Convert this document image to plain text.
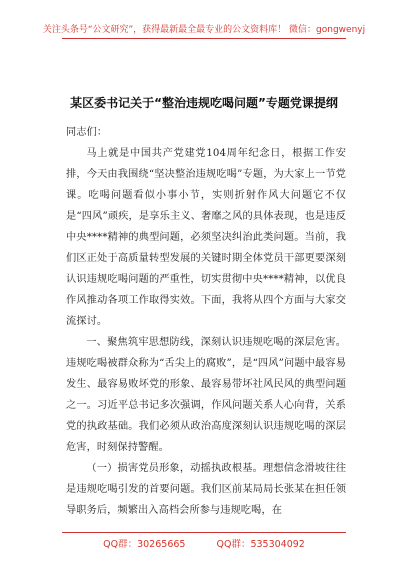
关注头条号“公文研究”，获得最新最全最专业的公文资料库！ 微信：gongwenyj
某区委书记关于“整治违规吃喝问题”专题党课提纲

同志们：

马上就是中国共产党建党104周年纪念日，根据工作安排，今天由我围绕“坚决整治违规吃喝”专题，为大家上一节党课。吃喝问题看似小事小节，实则折射作风大问题它不仅是“四风”顽疾，是享乐主义、奢靡之风的具体表现，也是违反中央****精神的典型问题，必须坚决纠治此类问题。当前，我们区正处于高质量转型发展的关键时期全体党员干部更要深刻认识违规吃喝问题的严重性，切实贯彻中央****精神，以优良作风推动各项工作取得实效。下面，我将从四个方面与大家交流探讨。

一、聚焦筑牢思想防线，深刻认识违规吃喝的深层危害。违规吃喝被群众称为“舌尖上的腐败”，是“四风”问题中最容易发生、最容易败坏党的形象、最容易带坏社风民风的典型问题之一。习近平总书记多次强调，作风问题关系人心向背，关系党的执政基础。我们必须从政治高度深刻认识违规吃喝的深层危害，时刻保持警醒。

（一）损害党员形象，动摇执政根基。理想信念滑坡往往是违规吃喝引发的首要问题。我们区前某局局长张某在担任领导职务后，频繁出入高档会所参与违规吃喝，在

QQ群：30265665	QQ群：535304092
